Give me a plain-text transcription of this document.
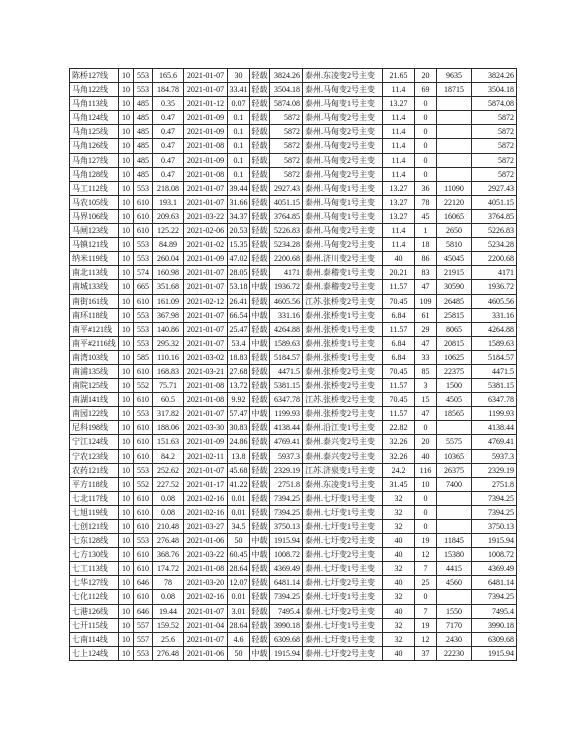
陈桥127线	10	553	165.6	2021-01-07	30	轻载	3824.26	泰州.东凌变2号主变	21.65	20	9635	3824.26
马角122线	10	553	184.78	2021-01-07	33.41	轻载	3504.18	泰州.马甸变2号主变	11.4	69	18715	3504.18
马角113线	10	485	0.35	2021-01-12	0.07	轻载	5874.08	泰州.马甸变1号主变	13.27	0		5874.08
马角124线	10	485	0.47	2021-01-09	0.1	轻载	5872	泰州.马甸变2号主变	11.4	0		5872
马角125线	10	485	0.47	2021-01-09	0.1	轻载	5872	泰州.马甸变2号主变	11.4	0		5872
马角126线	10	485	0.47	2021-01-08	0.1	轻载	5872	泰州.马甸变2号主变	11.4	0		5872
马角127线	10	485	0.47	2021-01-09	0.1	轻载	5872	泰州.马甸变2号主变	11.4	0		5872
马角128线	10	485	0.47	2021-01-08	0.1	轻载	5872	泰州.马甸变2号主变	11.4	0		5872
马工112线	10	553	218.08	2021-01-07	39.44	轻载	2927.43	泰州.马甸变1号主变	13.27	36	11090	2927.43
马农105线	10	610	193.1	2021-01-07	31.66	轻载	4051.15	泰州.马甸变1号主变	13.27	78	22120	4051.15
马界106线	10	610	209.63	2021-03-22	34.37	轻载	3764.85	泰州.马甸变1号主变	13.27	45	16065	3764.85
马闸123线	10	610	125.22	2021-02-06	20.53	轻载	5226.83	泰州.马甸变2号主变	11.4	1	2650	5226.83
马镇121线	10	553	84.89	2021-01-02	15.35	轻载	5234.28	泰州.马甸变2号主变	11.4	18	5810	5234.28
纳米119线	10	553	260.04	2021-01-09	47.02	轻载	2200.68	泰州.济川变2号主变	40	86	45045	2200.68
南北113线	10	574	160.98	2021-01-07	28.05	轻载	4171	泰州.泰稽变1号主变	20.21	83	21915	4171
南城133线	10	665	351.68	2021-01-07	53.18	中载	1936.72	泰州.泰稽变2号主变	11.57	47	30590	1936.72
南街161线	10	610	161.09	2021-02-12	26.41	轻载	4605.56	江苏.张桥变2号主变	70.45	109	26485	4605.56
南环118线	10	553	367.98	2021-01-07	66.54	中载	331.16	泰州.张桥变1号主变	6.84	61	25815	331.16
南平#121线	10	553	140.86	2021-01-07	25.47	轻载	4264.88	泰州.张桥变1号主变	11.57	29	8065	4264.88
南平#2116线	10	553	295.32	2021-01-07	53.4	中载	1589.63	泰州.张桥变1号主变	6.84	47	20815	1589.63
南湾103线	10	585	110.16	2021-03-02	18.83	轻载	5184.57	泰州.张桥变1号主变	6.84	33	10625	5184.57
南浦135线	10	610	168.83	2021-03-21	27.68	轻载	4471.5	泰州.张桥变2号主变	70.45	85	22375	4471.5
南院125线	10	552	75.71	2021-01-08	13.72	轻载	5381.15	泰州.张桥变2号主变	11.57	3	1500	5381.15
南湖141线	10	610	60.5	2021-01-08	9.92	轻载	6347.78	江苏.张桥变2号主变	70.45	15	4505	6347.78
南园122线	10	553	317.82	2021-01-07	57.47	中载	1199.93	泰州.张桥变2号主变	11.57	47	18565	1199.93
尼科198线	10	610	188.06	2021-03-30	30.83	轻载	4138.44	泰州.沿江变1号主变	22.82	0		4138.44
宁江124线	10	610	151.63	2021-01-09	24.86	轻载	4769.41	泰州.泰兴变2号主变	32.26	20	5575	4769.41
宁农123线	10	610	84.2	2021-02-11	13.8	轻载	5937.3	泰州.泰兴变2号主变	32.26	40	10365	5937.3
农药121线	10	553	252.62	2021-01-07	45.68	轻载	2329.19	江苏.济泉变1号主变	24.2	116	26375	2329.19
平方118线	10	552	227.52	2021-01-17	41.22	轻载	2751.8	泰州.东凌变1号主变	31.45	10	7400	2751.8
七北117线	10	610	0.08	2021-02-16	0.01	轻载	7394.25	泰州.七圩变1号主变	32	0		7394.25
七旭119线	10	610	0.08	2021-02-16	0.01	轻载	7394.25	泰州.七圩变1号主变	32	0		7394.25
七创121线	10	610	210.48	2021-03-27	34.5	轻载	3750.13	泰州.七圩变1号主变	32	0		3750.13
七东128线	10	553	276.48	2021-01-06	50	中载	1915.94	泰州.七圩变2号主变	40	19	11845	1915.94
七方130线	10	610	368.76	2021-03-22	60.45	中载	1008.72	泰州.七圩变2号主变	40	12	15380	1008.72
七工113线	10	610	174.72	2021-01-08	28.64	轻载	4369.49	泰州.七圩变1号主变	32	7	4415	4369.49
七华127线	10	646	78	2021-03-20	12.07	轻载	6481.14	泰州.七圩变2号主变	40	25	4560	6481.14
七化112线	10	610	0.08	2021-02-16	0.01	轻载	7394.25	泰州.七圩变1号主变	32	0		7394.25
七港126线	10	646	19.44	2021-01-07	3.01	轻载	7495.4	泰州.七圩变2号主变	40	7	1550	7495.4
七开115线	10	557	159.52	2021-01-04	28.64	轻载	3990.18	泰州.七圩变1号主变	32	19	7170	3990.18
七南114线	10	557	25.6	2021-01-07	4.6	轻载	6309.68	泰州.七圩变1号主变	32	12	2430	6309.68
七上124线	10	553	276.48	2021-01-06	50	中载	1915.94	泰州.七圩变2号主变	40	37	22230	1915.94
